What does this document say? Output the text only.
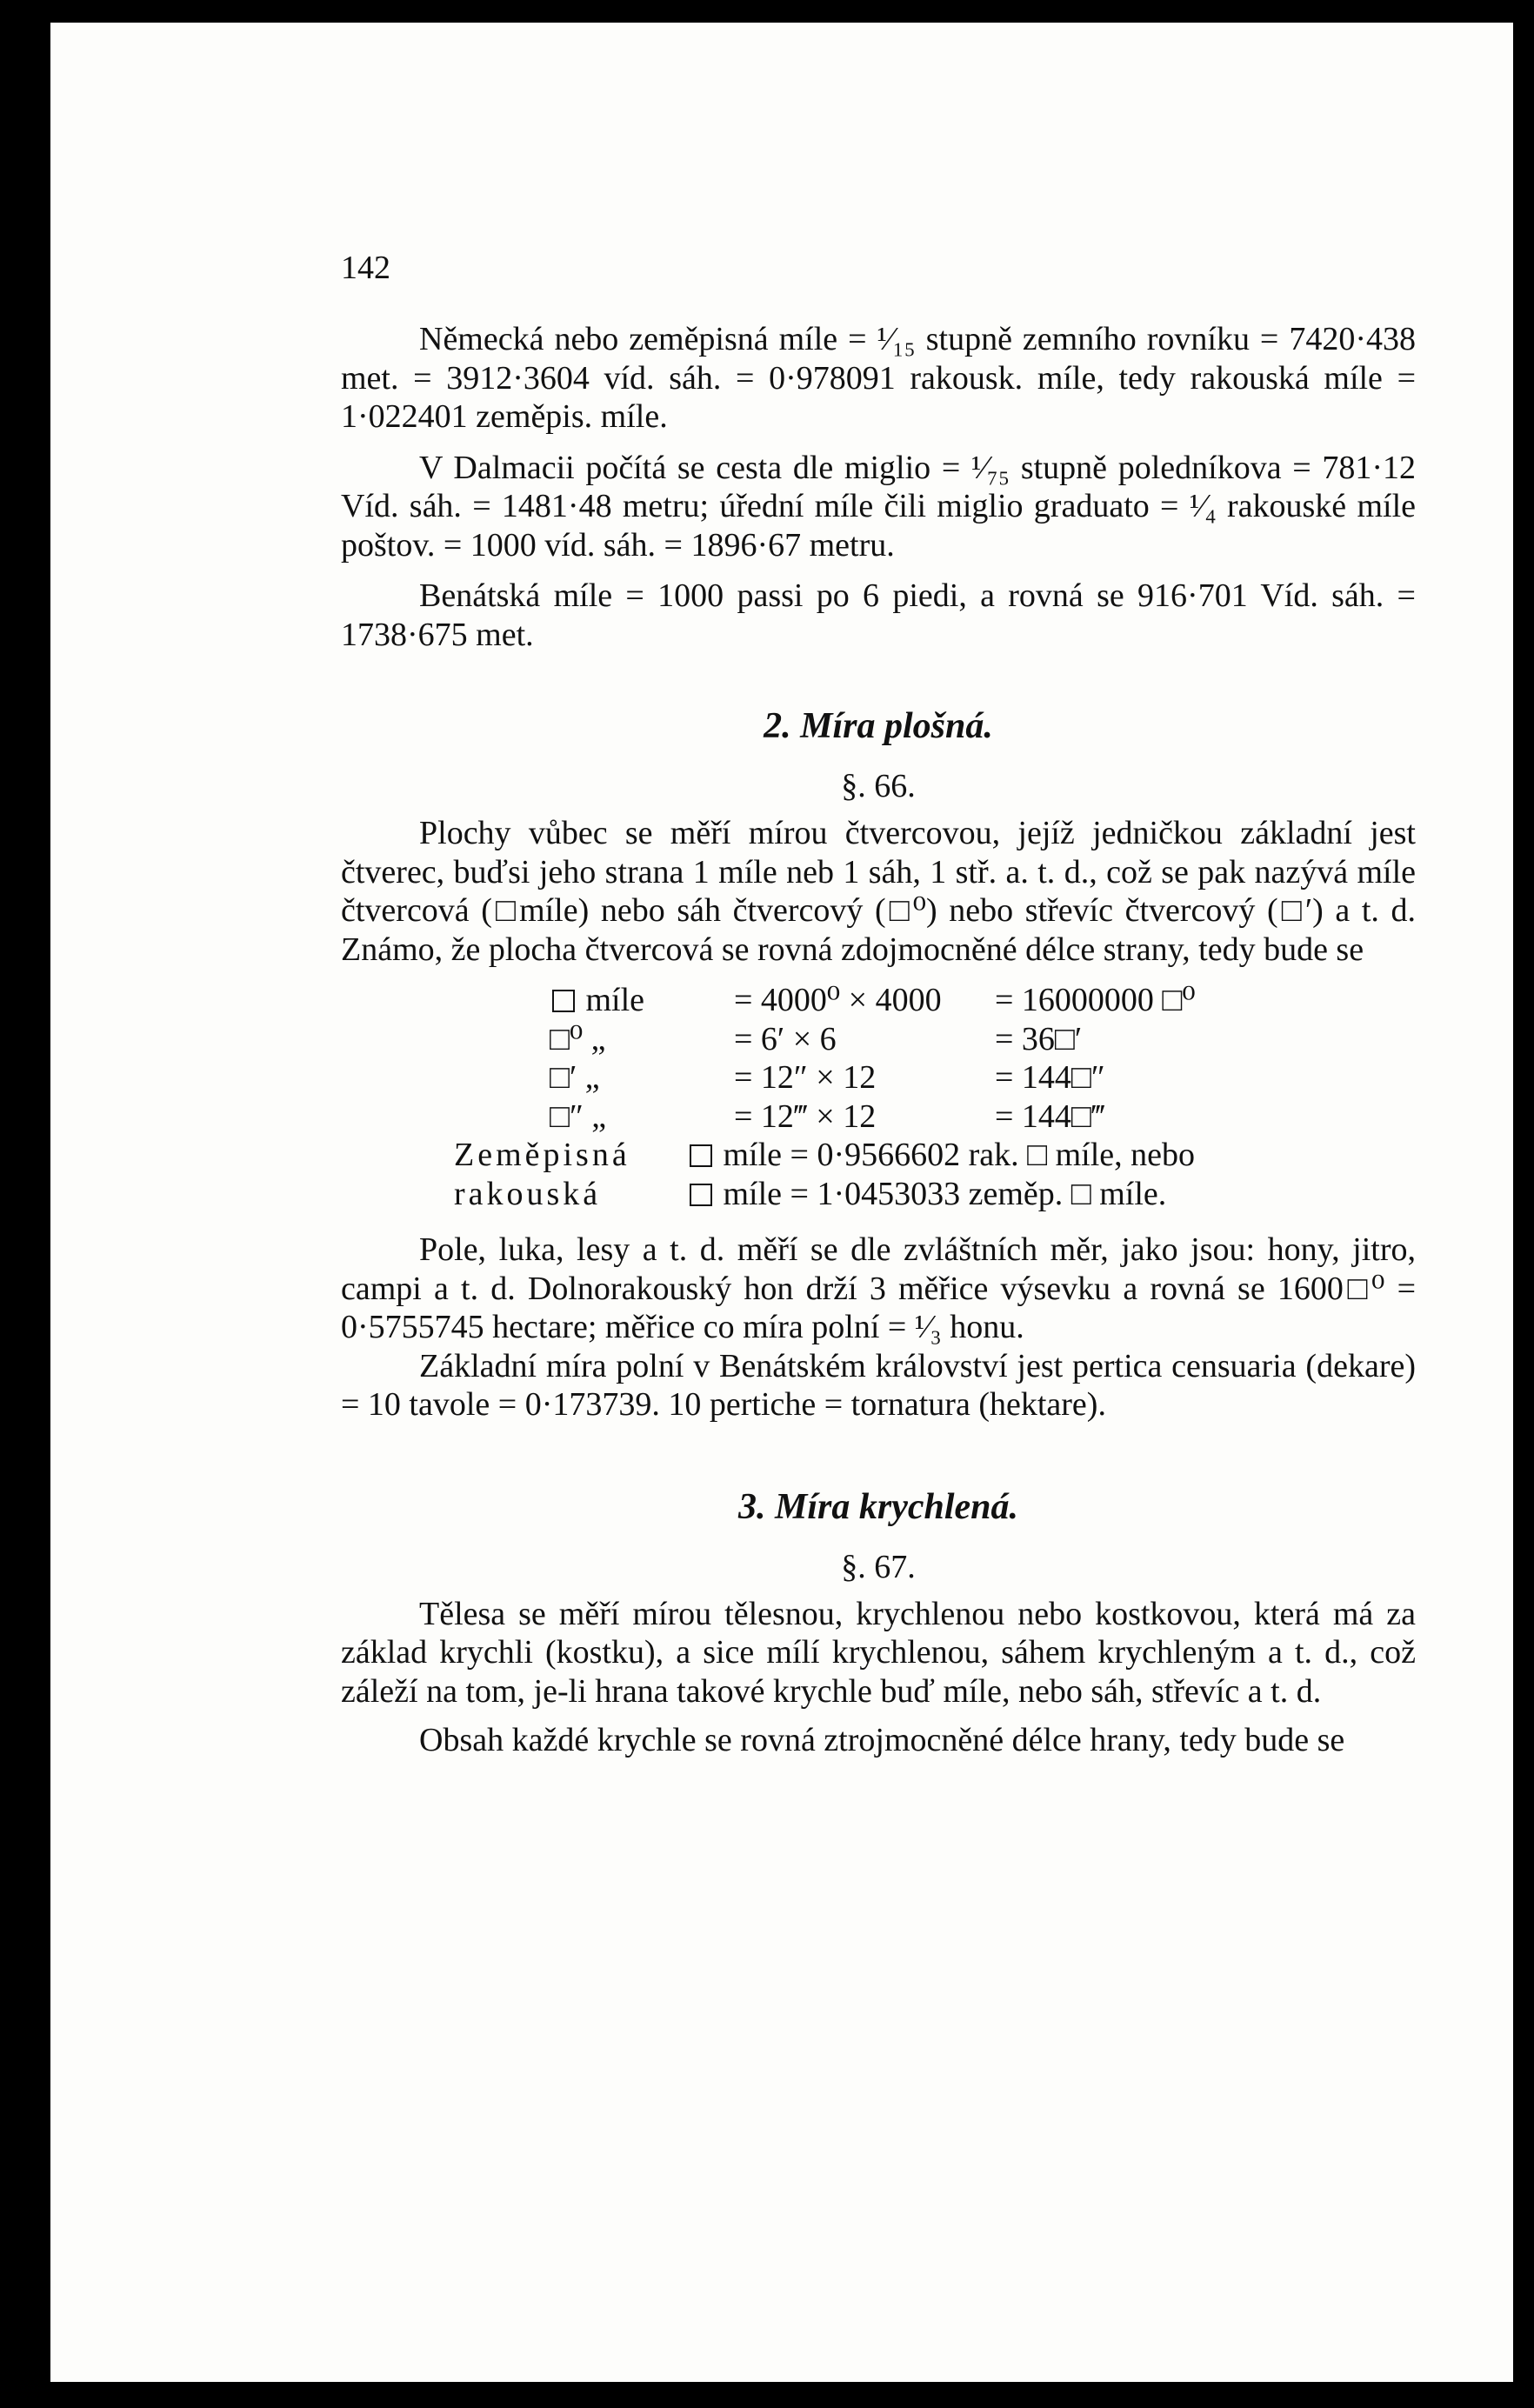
142

Německá nebo zeměpisná míle = ¹⁄₁₅ stupně zemního rovníku = 7420·438 met. = 3912·3604 víd. sáh. = 0·978091 rakousk. míle, tedy rakouská míle = 1·022401 zeměpis. míle.

V Dalmacii počítá se cesta dle miglio = ¹⁄₇₅ stupně poledníkova = 781·12 Víd. sáh. = 1481·48 metru; úřední míle čili miglio graduato = ¹⁄₄ rakouské míle poštov. = 1000 víd. sáh. = 1896·67 metru.

Benátská míle = 1000 passi po 6 piedi, a rovná se 916·701 Víd. sáh. = 1738·675 met.

2. Míra plošná.
§. 66.

Plochy vůbec se měří mírou čtvercovou, jejíž jedničkou základní jest čtverec, buďsi jeho strana 1 míle neb 1 sáh, 1 stř. a. t. d., což se pak nazývá míle čtvercová (□míle) nebo sáh čtvercový (□⁰) nebo střevíc čtvercový (□′) a t. d. Známo, že plocha čtvercová se rovná zdojmocněné délce strany, tedy bude se

míle	= 4000⁰ × 4000 = 16000000 □⁰
□⁰ „	= 6′ × 6	= 36□′
□′ „	= 12″ × 12	= 144□″
□″ „	= 12‴ × 12	= 144□‴
Zeměpisná	míle = 0·9566602 rak. □ míle, nebo
rakouská	míle = 1·0453033 zeměp. □ míle.

Pole, luka, lesy a t. d. měří se dle zvláštních měr, jako jsou: hony, jitro, campi a t. d. Dolnorakouský hon drží 3 měřice výsevku a rovná se 1600□⁰ = 0·5755745 hectare; měřice co míra polní = ¹⁄₃ honu.

Základní míra polní v Benátském království jest pertica censuaria (dekare) = 10 tavole = 0·173739. 10 pertiche = tornatura (hektare).

3. Míra krychlená.
§. 67.

Tělesa se měří mírou tělesnou, krychlenou nebo kostkovou, která má za základ krychli (kostku), a sice mílí krychlenou, sáhem krychleným a t. d., což záleží na tom, je-li hrana takové krychle buď míle, nebo sáh, střevíc a t. d.

Obsah každé krychle se rovná ztrojmocněné délce hrany, tedy bude se
